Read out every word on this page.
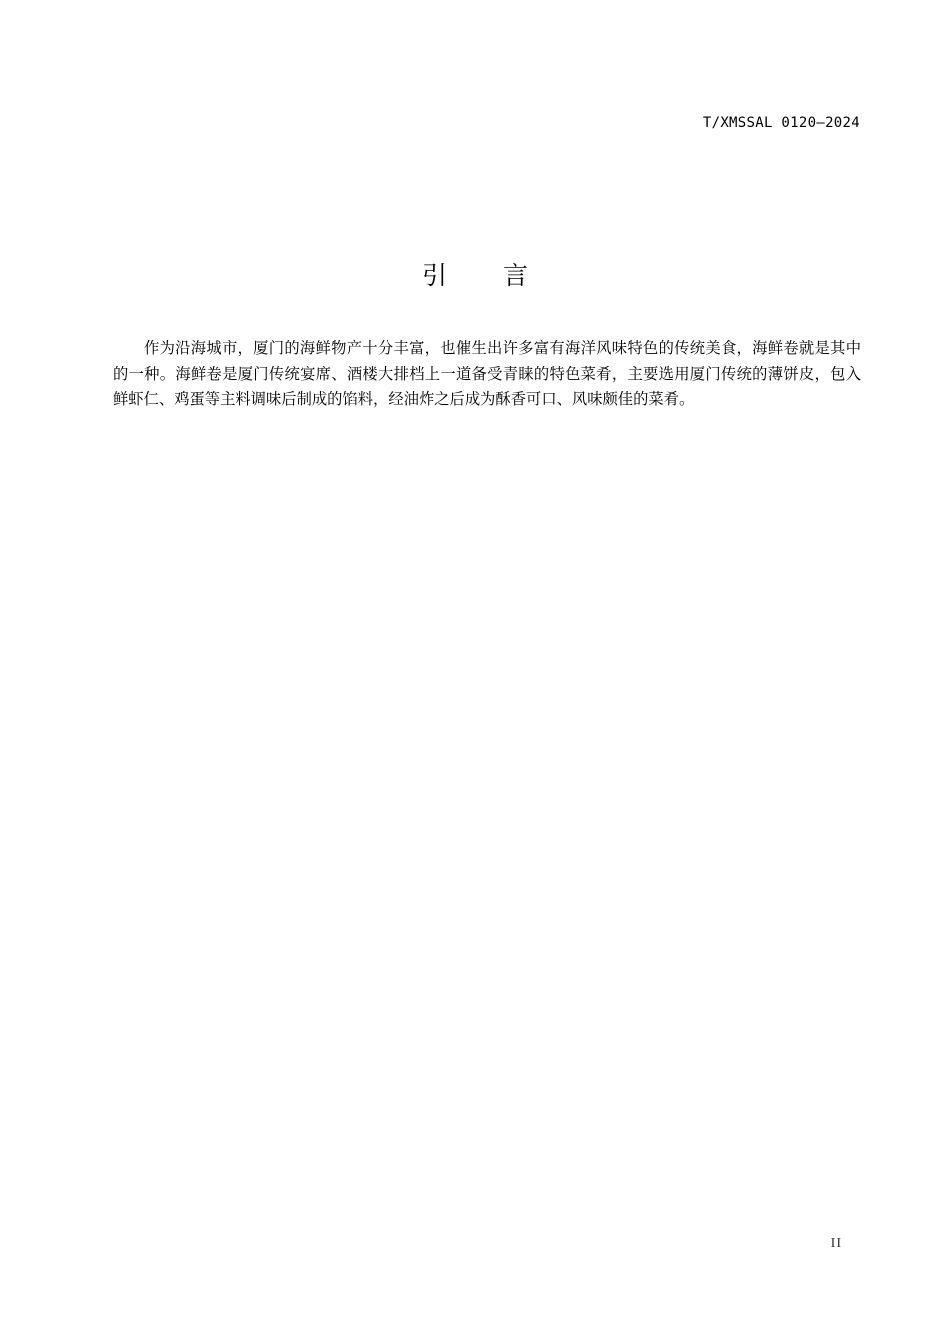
T/XMSSAL 0120—2024
引言

作为沿海城市，厦门的海鲜物产十分丰富，也催生出许多富有海洋风味特色的传统美食，海鲜卷就是其中的一种。海鲜卷是厦门传统宴席、酒楼大排档上一道备受青睐的特色菜肴，主要选用厦门传统的薄饼皮，包入鲜虾仁、鸡蛋等主料调味后制成的馅料，经油炸之后成为酥香可口、风味颇佳的菜肴。

II
